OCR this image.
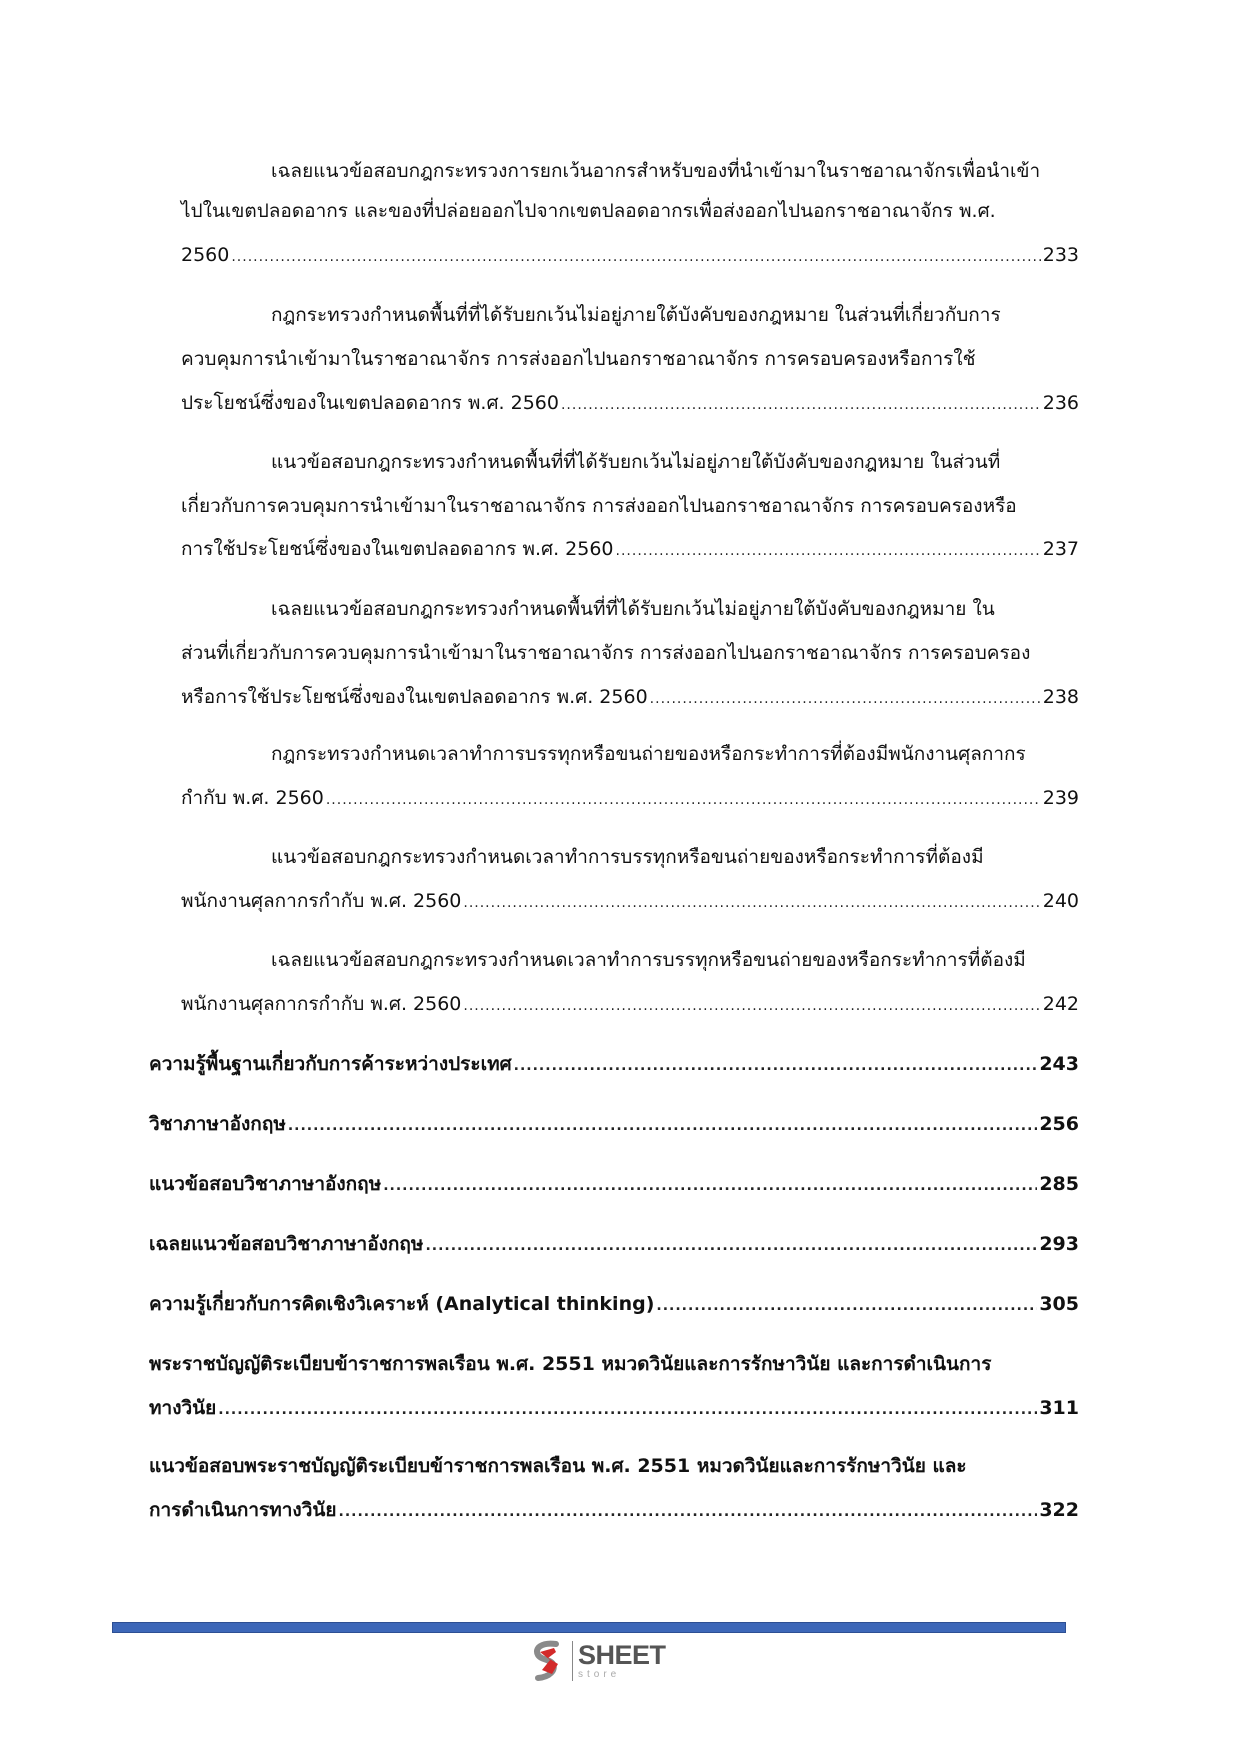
เฉลยแนวข้อสอบกฎกระทรวงการยกเว้นอากรสำหรับของที่นำเข้ามาในราชอาณาจักรเพื่อนำเข้า
ไปในเขตปลอดอากร และของที่ปล่อยออกไปจากเขตปลอดอากรเพื่อส่งออกไปนอกราชอาณาจักร พ.ศ.
2560 .....	233
กฎกระทรวงกำหนดพื้นที่ที่ได้รับยกเว้นไม่อยู่ภายใต้บังคับของกฎหมาย ในส่วนที่เกี่ยวกับการ
ควบคุมการนำเข้ามาในราชอาณาจักร การส่งออกไปนอกราชอาณาจักร การครอบครองหรือการใช้
ประโยชน์ซึ่งของในเขตปลอดอากร พ.ศ. 2560 .....	236
แนวข้อสอบกฎกระทรวงกำหนดพื้นที่ที่ได้รับยกเว้นไม่อยู่ภายใต้บังคับของกฎหมาย ในส่วนที่
เกี่ยวกับการควบคุมการนำเข้ามาในราชอาณาจักร การส่งออกไปนอกราชอาณาจักร การครอบครองหรือ
การใช้ประโยชน์ซึ่งของในเขตปลอดอากร พ.ศ. 2560 .....	237
เฉลยแนวข้อสอบกฎกระทรวงกำหนดพื้นที่ที่ได้รับยกเว้นไม่อยู่ภายใต้บังคับของกฎหมาย ใน
ส่วนที่เกี่ยวกับการควบคุมการนำเข้ามาในราชอาณาจักร การส่งออกไปนอกราชอาณาจักร การครอบครอง
หรือการใช้ประโยชน์ซึ่งของในเขตปลอดอากร พ.ศ. 2560 .....	238
กฎกระทรวงกำหนดเวลาทำการบรรทุกหรือขนถ่ายของหรือกระทำการที่ต้องมีพนักงานศุลกากร
กำกับ พ.ศ. 2560 .....	239
แนวข้อสอบกฎกระทรวงกำหนดเวลาทำการบรรทุกหรือขนถ่ายของหรือกระทำการที่ต้องมี
พนักงานศุลกากรกำกับ พ.ศ. 2560 .....	240
เฉลยแนวข้อสอบกฎกระทรวงกำหนดเวลาทำการบรรทุกหรือขนถ่ายของหรือกระทำการที่ต้องมี
พนักงานศุลกากรกำกับ พ.ศ. 2560 .....	242
ความรู้พื้นฐานเกี่ยวกับการค้าระหว่างประเทศ .....	243
วิชาภาษาอังกฤษ .....	256
แนวข้อสอบวิชาภาษาอังกฤษ .....	285
เฉลยแนวข้อสอบวิชาภาษาอังกฤษ .....	293
ความรู้เกี่ยวกับการคิดเชิงวิเคราะห์ (Analytical thinking) .....	305
พระราชบัญญัติระเบียบข้าราชการพลเรือน พ.ศ. 2551 หมวดวินัยและการรักษาวินัย และการดำเนินการ
ทางวินัย .....	311
แนวข้อสอบพระราชบัญญัติระเบียบข้าราชการพลเรือน พ.ศ. 2551 หมวดวินัยและการรักษาวินัย และ
การดำเนินการทางวินัย .....	322
SHEET
store
